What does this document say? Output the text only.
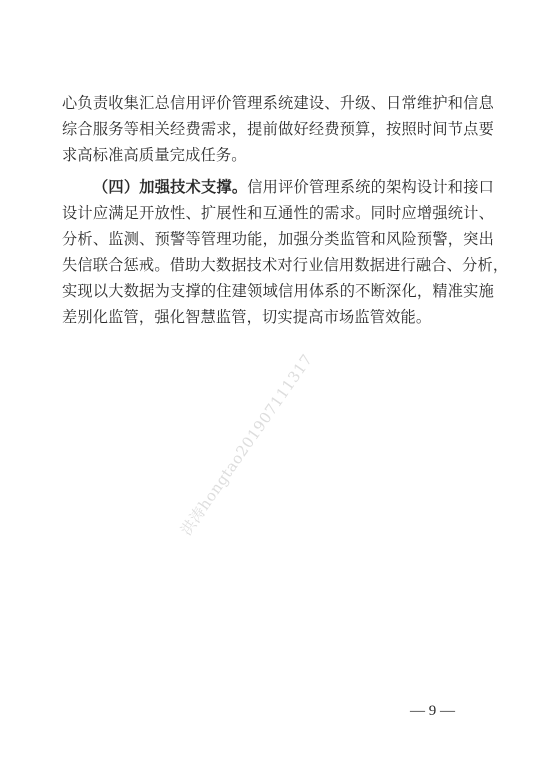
心负责收集汇总信用评价管理系统建设、升级、日常维护和信息
综合服务等相关经费需求，提前做好经费预算，按照时间节点要
求高标准高质量完成任务。
（四）加强技术支撑。信用评价管理系统的架构设计和接口
设计应满足开放性、扩展性和互通性的需求。同时应增强统计、
分析、监测、预警等管理功能，加强分类监管和风险预警，突出
失信联合惩戒。借助大数据技术对行业信用数据进行融合、分析，
实现以大数据为支撑的住建领域信用体系的不断深化，精准实施
差别化监管，强化智慧监管，切实提高市场监管效能。
洪涛hongtao201907111317
— 9 —
